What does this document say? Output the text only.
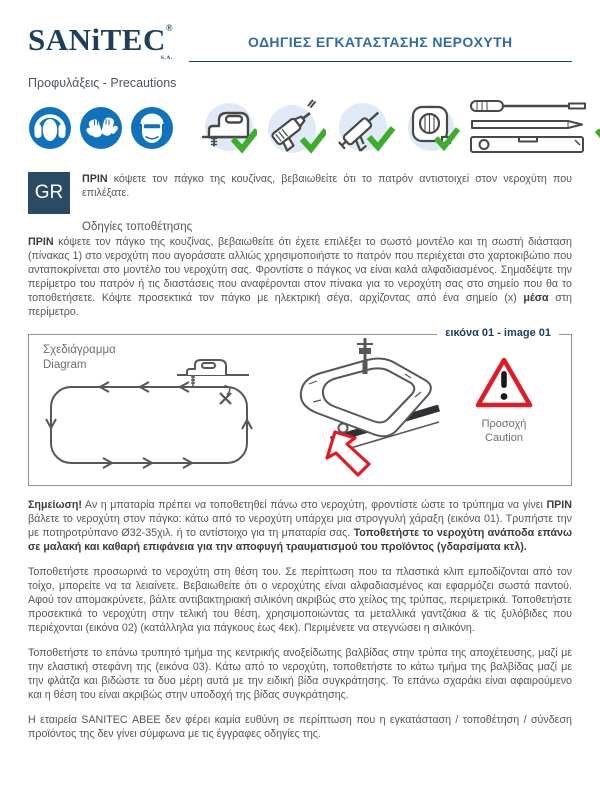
SANiTEC®
S.A.
ΟΔΗΓΙΕΣ ΕΓΚΑΤΑΣΤΑΣΗΣ ΝΕΡΟΧΥΤΗ
Προφυλάξεις - Precautions
GR
ΠΡΙΝ κόψετε τον πάγκο της κουζίνας, βεβαιωθείτε ότι το πατρόν αντιστοιχεί στον νεροχύτη που επιλέξατε.
Οδηγίες τοποθέτησης
ΠΡΙΝ κόψετε τον πάγκο της κουζίνας, βεβαιωθείτε ότι έχετε επιλέξει το σωστό μοντέλο και τη σωστή διάσταση (πίνακας 1) στο νεροχύτη που αγοράσατε αλλιώς χρησιμοποιήστε το πατρόν που περιέχεται στο χαρτοκιβώτιο που ανταποκρίνεται στο μοντέλο του νεροχύτη σας. Φροντίστε ο πάγκος να είναι καλά αλφαδιασμένος. Σημαδέψτε την περίμετρο του πατρόν ή τις διαστάσεις που αναφέρονται στον πίνακα για το νεροχύτη σας στο σημείο που θα το τοποθετήσετε. Κόψτε προσεκτικά τον πάγκο με ηλεκτρική σέγα, αρχίζοντας από ένα σημείο (x) μέσα στη περίμετρο.
εικόνα 01 - image 01
Σχεδιάγραμμα
Diagram
Προσοχή
Caution
Σημείωση! Αν η μπαταρία πρέπει να τοποθετηθεί πάνω στο νεροχύτη, φροντίστε ώστε το τρύπημα να γίνει ΠΡΙΝ βάλετε το νεροχύτη στον πάγκο: κάτω από το νεροχύτη υπάρχει μια στρογγυλή χάραξη (εικόνα 01). Τρυπήστε την με ποτηροτρύπανο Ø32-35χιλ. ή το αντίστοιχο για τη μπαταρία σας. Τοποθετήστε το νεροχύτη ανάποδα επάνω σε μαλακή και καθαρή επιφάνεια για την αποφυγή τραυματισμού του προϊόντος (γδαρσίματα κτλ).
Τοποθετήστε προσωρινά το νεροχύτη στη θέση του. Σε περίπτωση που τα πλαστικά κλιπ εμποδίζονται από τον τοίχο, μπορείτε να τα λειαίνετε. Βεβαιωθείτε ότι ο νεροχύτης είναι αλφαδιασμένος και εφαρμόζει σωστά παντού. Αφού τον απομακρύνετε, βάλτε αντιβακτηριακή σιλικόνη ακριβώς στο χείλος της τρύπας, περιμετρικά. Τοποθετήστε προσεκτικά το νεροχύτη στην τελική του θέση, χρησιμοποιώντας τα μεταλλικά γαντζάκια & τις ξυλόβιδες που περιέχονται (εικόνα 02) (κατάλληλα για πάγκους έως 4εκ). Περιμένετε να στεγνώσει η σιλικόνη.
Τοποθετήστε το επάνω τρυπητό τμήμα της κεντρικής ανοξείδωτης βαλβίδας στην τρύπα της αποχέτευσης, μαζί με την ελαστική στεφάνη της (εικόνα 03). Κάτω από το νεροχύτη, τοποθετήστε το κάτω τμήμα της βαλβίδας μαζί με την φλάτζα και βιδώστε τα δυο μέρη αυτά με την ειδική βίδα συγκράτησης. Το επάνω σχαράκι είναι αφαιρούμενο και η θέση του είναι ακριβώς στην υποδοχή της βίδας συγκράτησης.
Η εταιρεία SANITEC ΑΒΕΕ δεν φέρει καμία ευθύνη σε περίπτωση που η εγκατάσταση / τοποθέτηση / σύνδεση προϊόντος της δεν γίνει σύμφωνα με τις έγγραφες οδηγίες της.
